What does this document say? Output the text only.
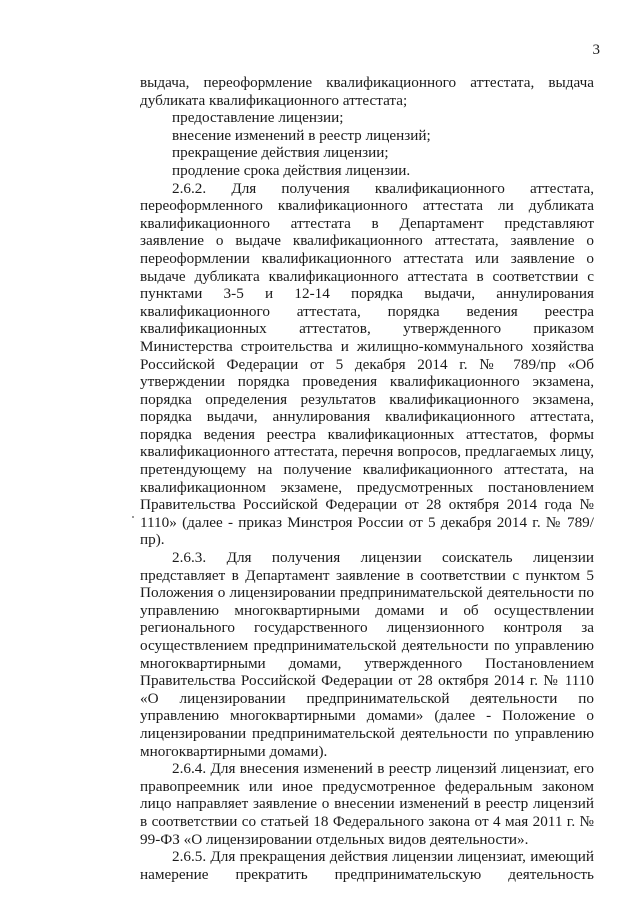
3

выдача, переоформление квалификационного аттестата, выдача дубликата квалификационного аттестата;

предоставление лицензии;

внесение изменений в реестр лицензий;

прекращение действия лицензии;

продление срока действия лицензии.

2.6.2. Для получения квалификационного аттестата, переоформленного квалификационного аттестата ли дубликата квалификационного аттестата в Департамент представляют заявление о выдаче квалификационного аттестата, заявление о переоформлении квалификационного аттестата или заявление о выдаче дубликата квалификационного аттестата в соответствии с пунктами 3-5 и 12-14 порядка выдачи, аннулирования квалификационного аттестата, порядка ведения реестра квалификационных аттестатов, утвержденного приказом Министерства строительства и жилищно-коммунального хозяйства Российской Федерации от 5 декабря 2014 г. № 789/пр «Об утверждении порядка проведения квалификационного экзамена, порядка определения результатов квалификационного экзамена, порядка выдачи, аннулирования квалификационного аттестата, порядка ведения реестра квалификационных аттестатов, формы квалификационного аттестата, перечня вопросов, предлагаемых лицу, претендующему на получение квалификационного аттестата, на квалификационном экзамене, предусмотренных постановлением Правительства Российской Федерации от 28 октября 2014 года № 1110» (далее - приказ Минстроя России от 5 декабря 2014 г. № 789/пр).

2.6.3. Для получения лицензии соискатель лицензии представляет в Департамент заявление в соответствии с пунктом 5 Положения о лицензировании предпринимательской деятельности по управлению многоквартирными домами и об осуществлении регионального государственного лицензионного контроля за осуществлением предпринимательской деятельности по управлению многоквартирными домами, утвержденного Постановлением Правительства Российской Федерации от 28 октября 2014 г. № 1110 «О лицензировании предпринимательской деятельности по управлению многоквартирными домами» (далее - Положение о лицензировании предпринимательской деятельности по управлению многоквартирными домами).

2.6.4. Для внесения изменений в реестр лицензий лицензиат, его правопреемник или иное предусмотренное федеральным законом лицо направляет заявление о внесении изменений в реестр лицензий в соответствии со статьей 18 Федерального закона от 4 мая 2011 г. № 99-ФЗ «О лицензировании отдельных видов деятельности».

2.6.5. Для прекращения действия лицензии лицензиат, имеющий намерение прекратить предпринимательскую деятельность
